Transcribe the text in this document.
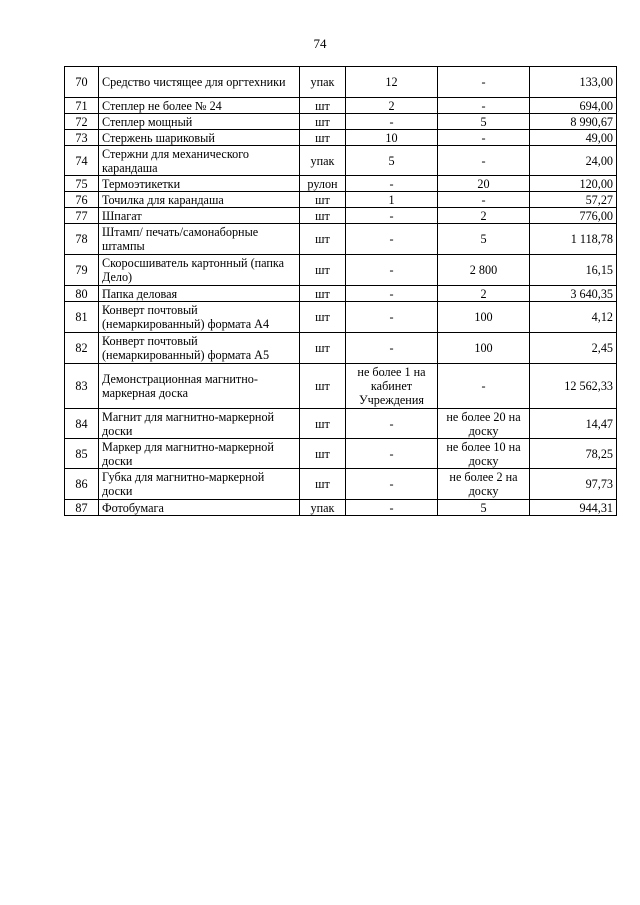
74
70	Средство чистящее для оргтехники	упак	12	-	133,00
71	Степлер не более № 24	шт	2	-	694,00
72	Степлер мощный	шт	-	5	8 990,67
73	Стержень шариковый	шт	10	-	49,00
74	Стержни для механического карандаша	упак	5	-	24,00
75	Термоэтикетки	рулон	-	20	120,00
76	Точилка для карандаша	шт	1	-	57,27
77	Шпагат	шт	-	2	776,00
78	Штамп/ печать/самонаборные штампы	шт	-	5	1 118,78
79	Скоросшиватель картонный (папка Дело)	шт	-	2 800	16,15
80	Папка деловая	шт	-	2	3 640,35
81	Конверт почтовый (немаркированный) формата А4	шт	-	100	4,12
82	Конверт почтовый (немаркированный) формата А5	шт	-	100	2,45
83	Демонстрационная магнитно-маркерная доска	шт	не более 1 на кабинет Учреждения	-	12 562,33
84	Магнит для магнитно-маркерной доски	шт	-	не более 20 на доску	14,47
85	Маркер для магнитно-маркерной доски	шт	-	не более 10 на доску	78,25
86	Губка для магнитно-маркерной доски	шт	-	не более 2 на доску	97,73
87	Фотобумага	упак	-	5	944,31
